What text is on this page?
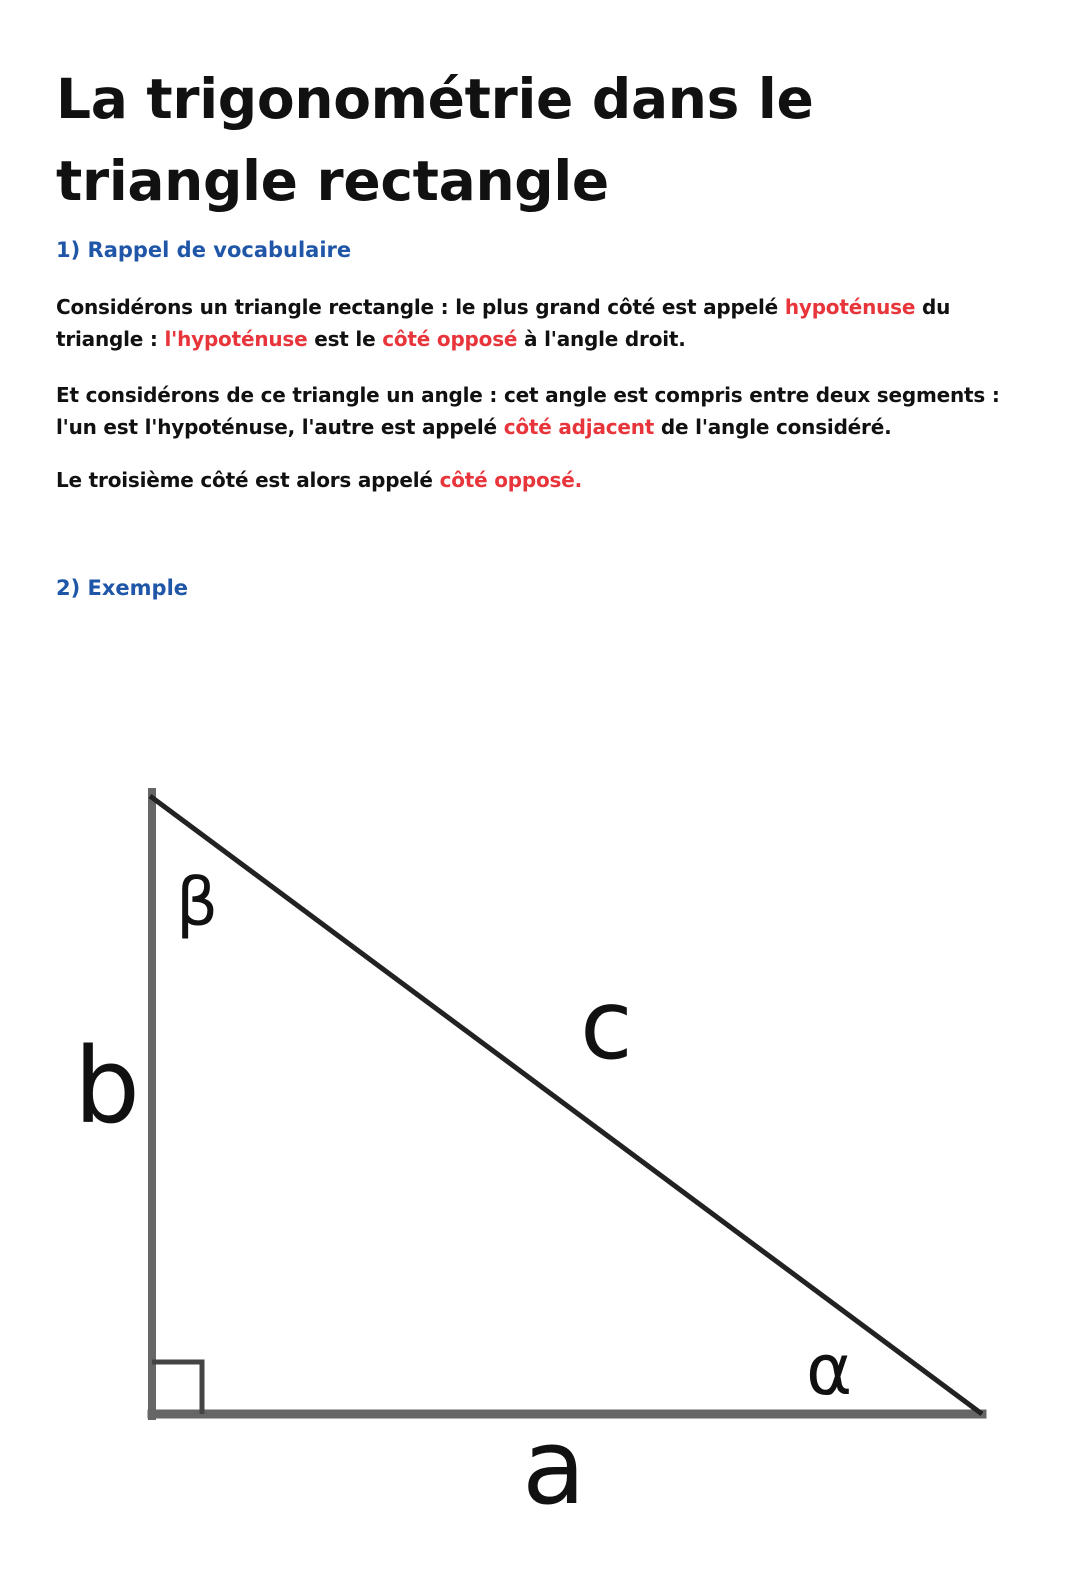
La trigonométrie dans le triangle rectangle
1) Rappel de vocabulaire

Considérons un triangle rectangle : le plus grand côté est appelé hypoténuse du triangle : l'hypoténuse est le côté opposé à l'angle droit.

Et considérons de ce triangle un angle : cet angle est compris entre deux segments : l'un est l'hypoténuse, l'autre est appelé côté adjacent de l'angle considéré.

Le troisième côté est alors appelé côté opposé.

2) Exemple
β
b	c
α
a
